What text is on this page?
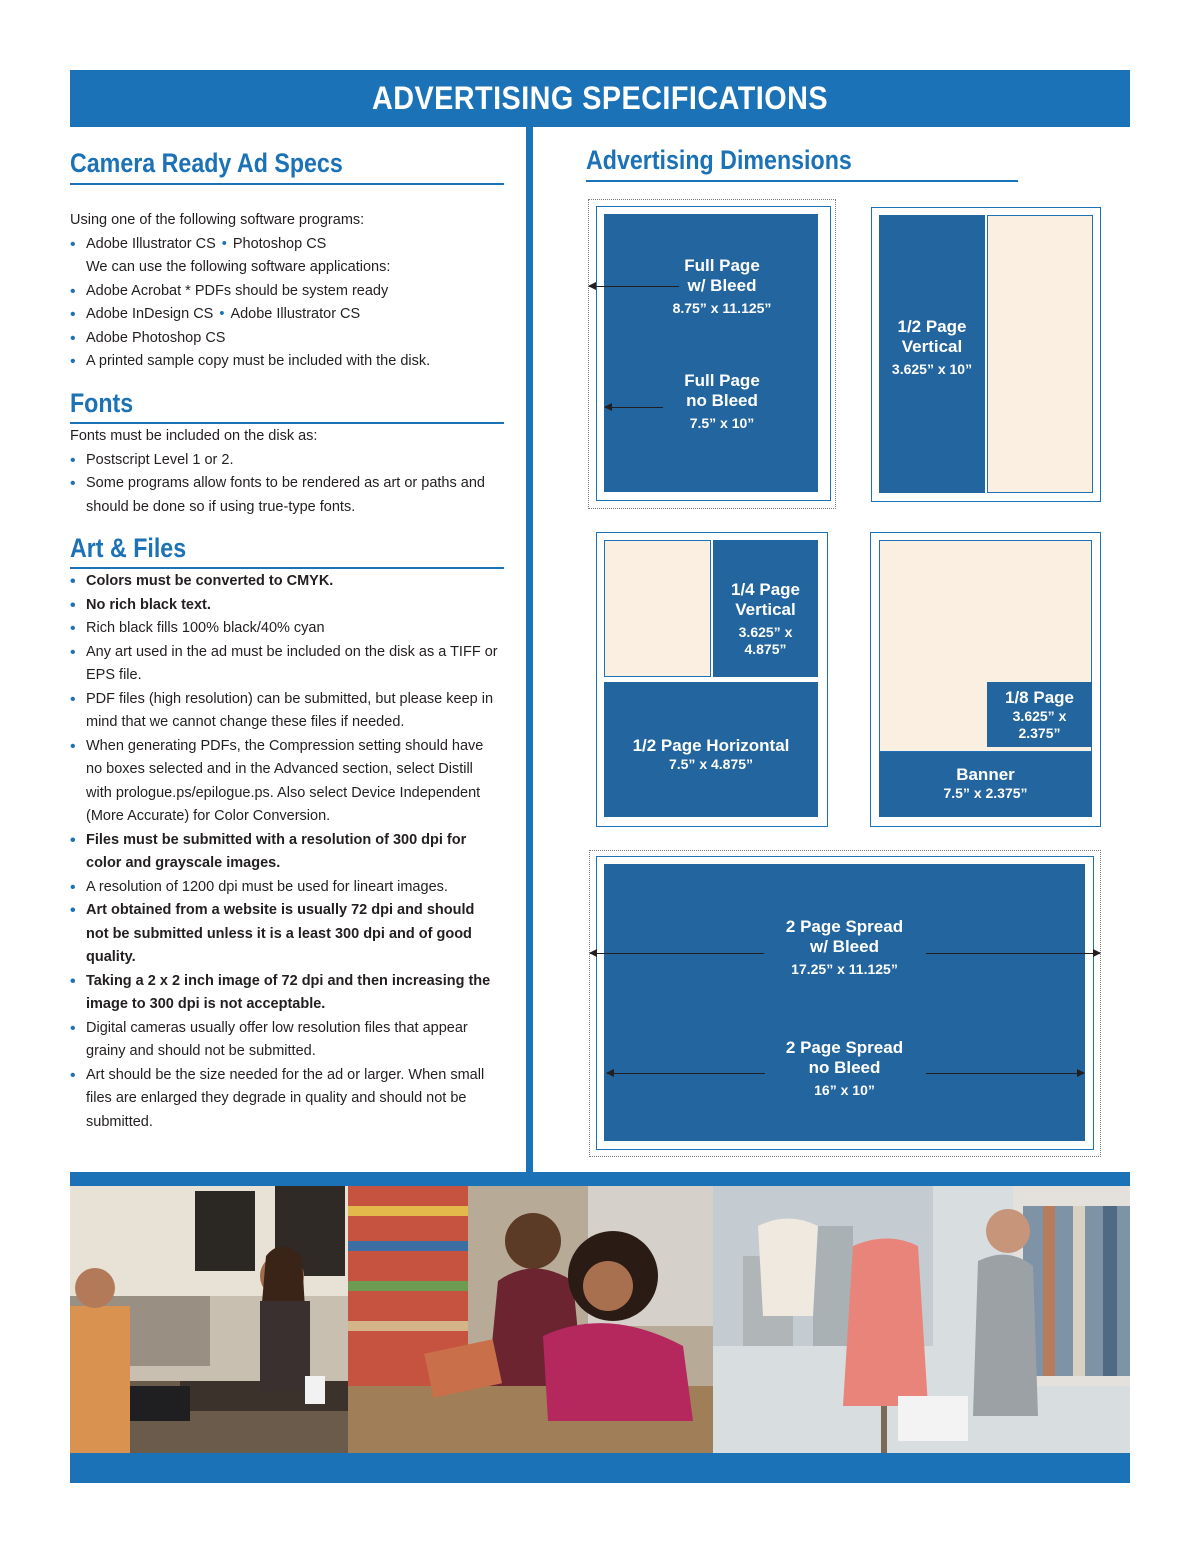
ADVERTISING SPECIFICATIONS
Camera Ready Ad Specs
Using one of the following software programs:
• Adobe Illustrator CS • Photoshop CS
We can use the following software applications:
• Adobe Acrobat * PDFs should be system ready
• Adobe InDesign CS • Adobe Illustrator CS
• Adobe Photoshop CS
• A printed sample copy must be included with the disk.
Fonts
Fonts must be included on the disk as:
• Postscript Level 1 or 2.
• Some programs allow fonts to be rendered as art or paths and
should be done so if using true-type fonts.
Art & Files
• Colors must be converted to CMYK.
• No rich black text.
• Rich black fills 100% black/40% cyan
• Any art used in the ad must be included on the disk as a TIFF or
EPS file.
• PDF files (high resolution) can be submitted, but please keep in
mind that we cannot change these files if needed.
• When generating PDFs, the Compression setting should have
no boxes selected and in the Advanced section, select Distill
with prologue.ps/epilogue.ps. Also select Device Independent
(More Accurate) for Color Conversion.
• Files must be submitted with a resolution of 300 dpi for
color and grayscale images.
• A resolution of 1200 dpi must be used for lineart images.
• Art obtained from a website is usually 72 dpi and should
not be submitted unless it is a least 300 dpi and of good
quality.
• Taking a 2 x 2 inch image of 72 dpi and then increasing the
image to 300 dpi is not acceptable.
• Digital cameras usually offer low resolution files that appear
grainy and should not be submitted.
• Art should be the size needed for the ad or larger. When small
files are enlarged they degrade in quality and should not be
submitted.
Advertising Dimensions
Full Page
w/ Bleed
8.75” x 11.125”
Full Page
no Bleed
7.5” x 10”
1/2 Page
Vertical
3.625” x 10”
1/4 Page
Vertical
3.625” x
4.875”
1/2 Page Horizontal
7.5” x 4.875”
1/8 Page
3.625” x
2.375”
Banner
7.5” x 2.375”
2 Page Spread
w/ Bleed
17.25” x 11.125”
2 Page Spread
no Bleed
16” x 10”
